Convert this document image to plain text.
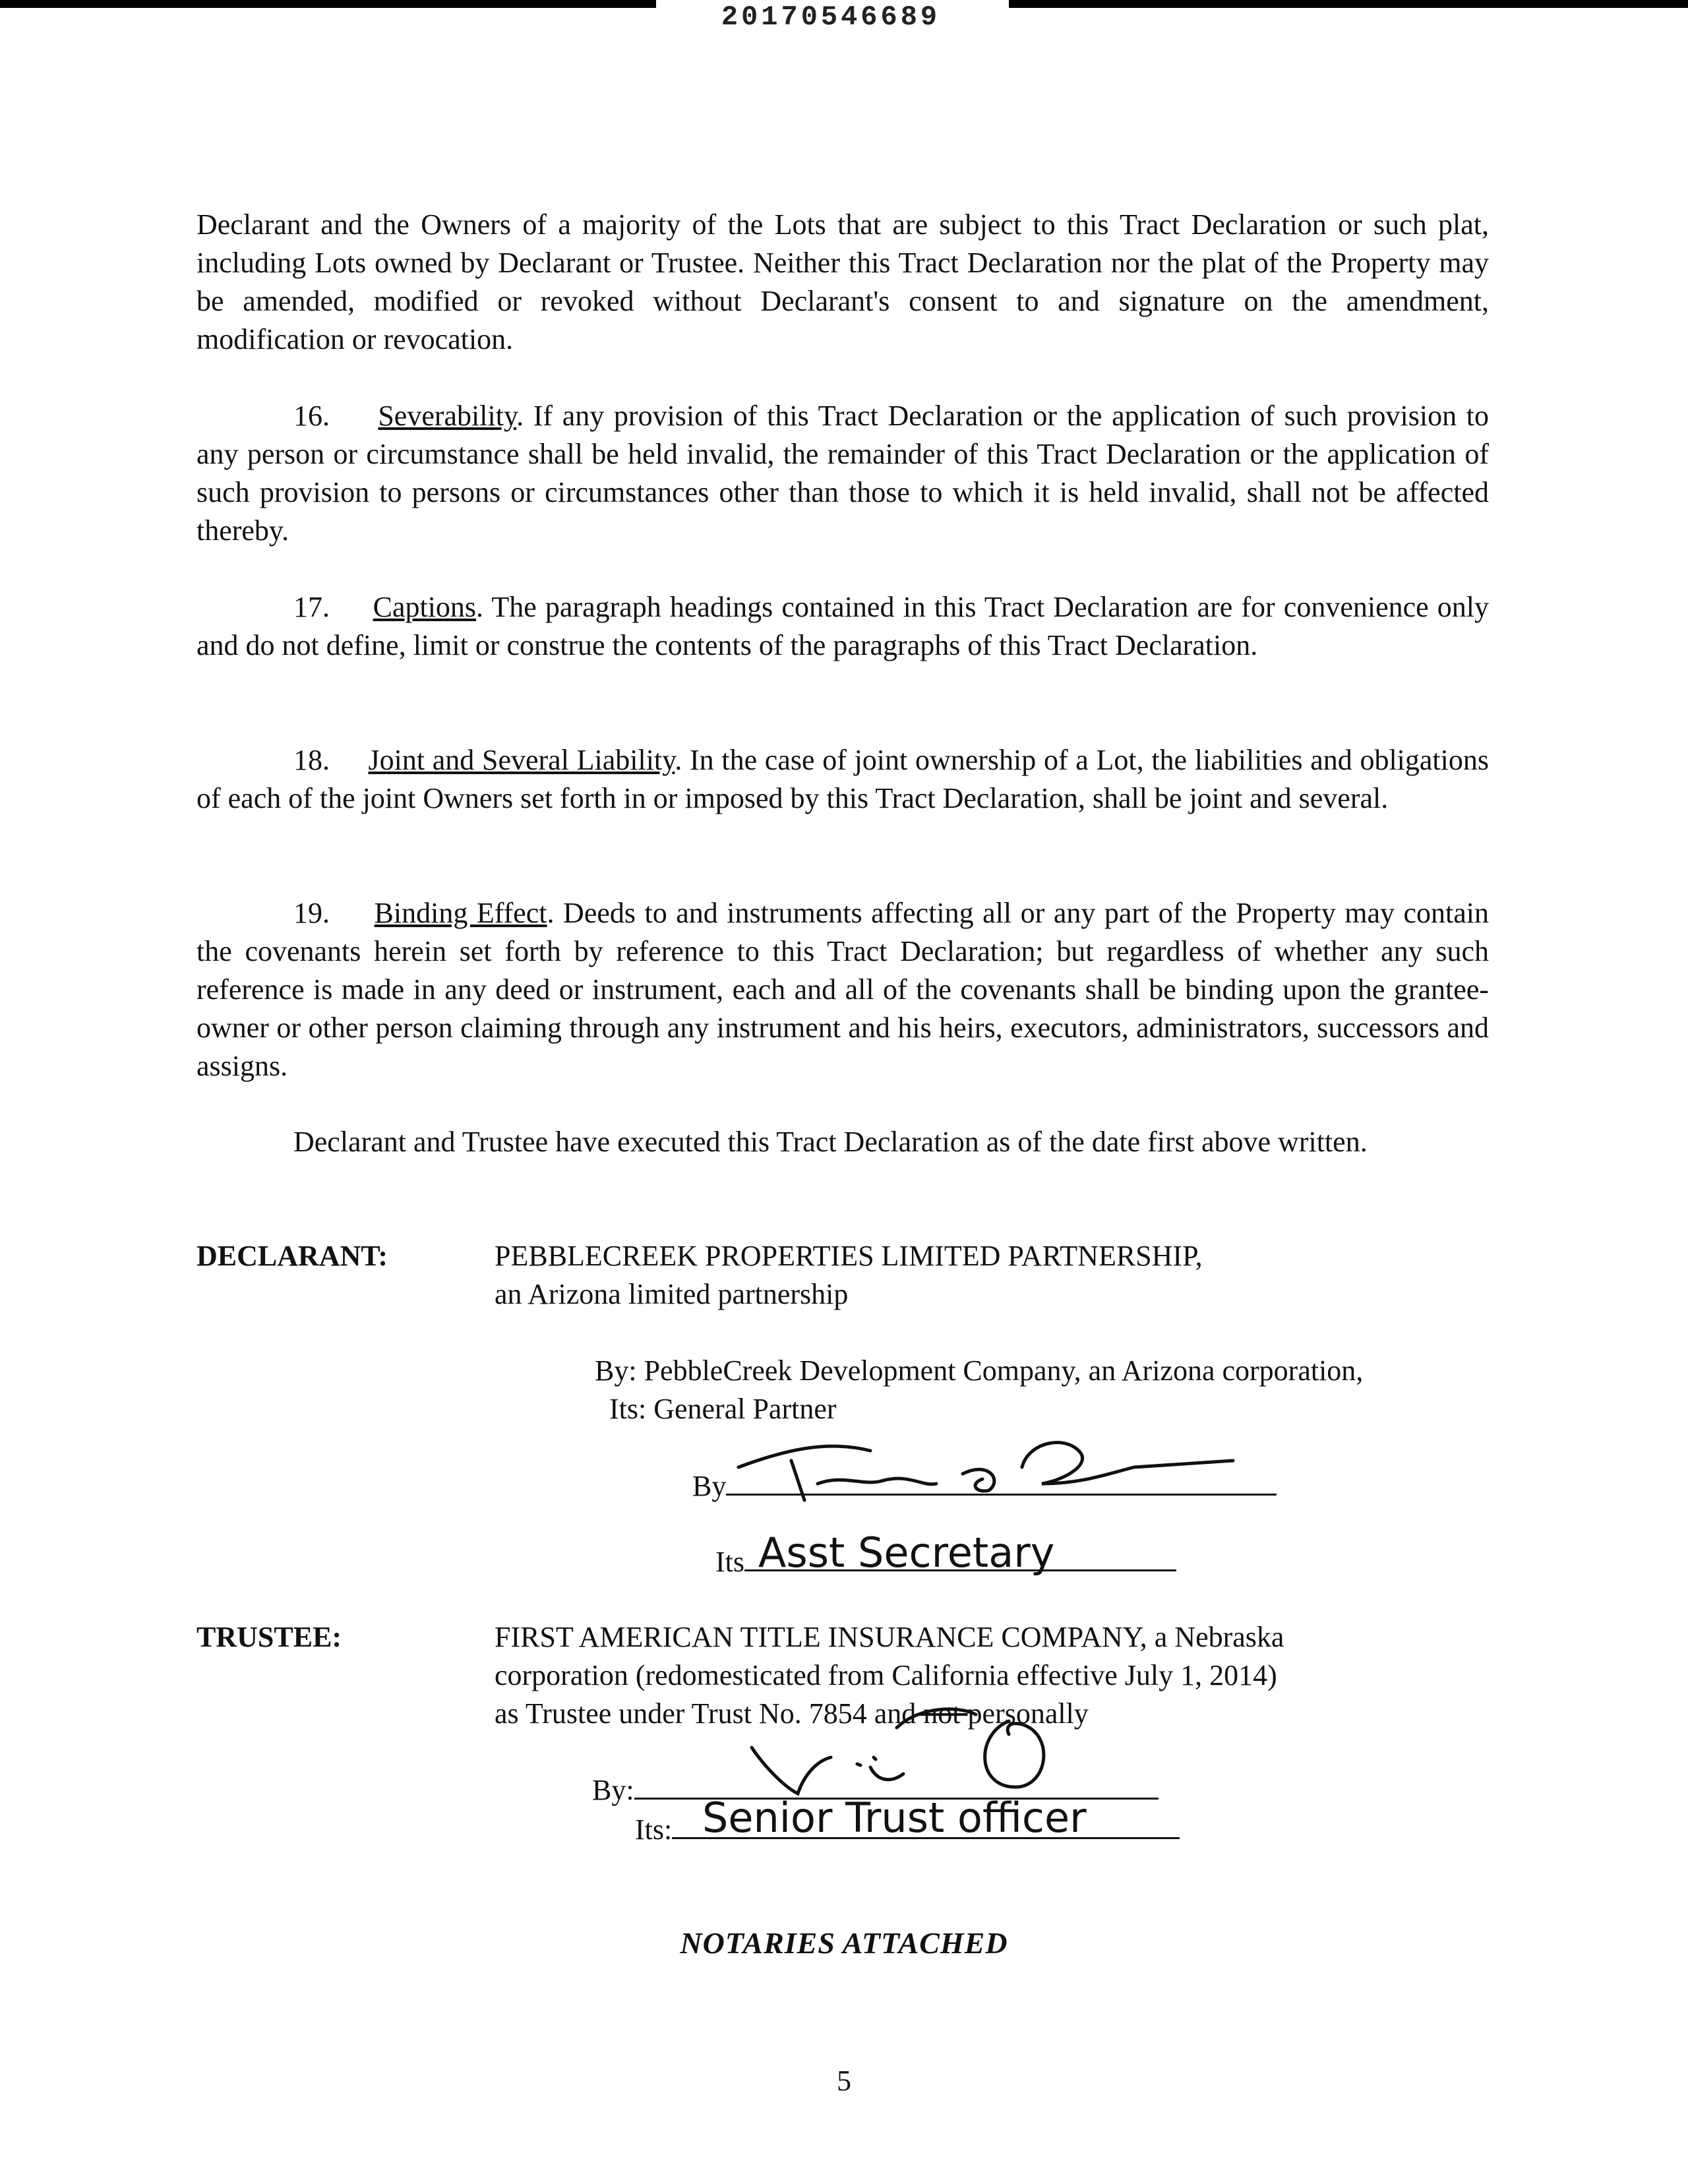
20170546689

Declarant and the Owners of a majority of the Lots that are subject to this Tract Declaration or such plat, including Lots owned by Declarant or Trustee. Neither this Tract Declaration nor the plat of the Property may be amended, modified or revoked without Declarant's consent to and signature on the amendment, modification or revocation.

16. Severability. If any provision of this Tract Declaration or the application of such provision to any person or circumstance shall be held invalid, the remainder of this Tract Declaration or the application of such provision to persons or circumstances other than those to which it is held invalid, shall not be affected thereby.

17. Captions. The paragraph headings contained in this Tract Declaration are for convenience only and do not define, limit or construe the contents of the paragraphs of this Tract Declaration.

18. Joint and Several Liability. In the case of joint ownership of a Lot, the liabilities and obligations of each of the joint Owners set forth in or imposed by this Tract Declaration, shall be joint and several.

19. Binding Effect. Deeds to and instruments affecting all or any part of the Property may contain the covenants herein set forth by reference to this Tract Declaration; but regardless of whether any such reference is made in any deed or instrument, each and all of the covenants shall be binding upon the grantee-owner or other person claiming through any instrument and his heirs, executors, administrators, successors and assigns.

Declarant and Trustee have executed this Tract Declaration as of the date first above written.

DECLARANT:	PEBBLECREEK PROPERTIES LIMITED PARTNERSHIP,
an Arizona limited partnership
By: PebbleCreek Development Company, an Arizona corporation,
Its: General Partner
By
Its Asst Secretary
TRUSTEE:	FIRST AMERICAN TITLE INSURANCE COMPANY, a Nebraska
corporation (redomesticated from California effective July 1, 2014)
as Trustee under Trust No. 7854 and not personally
By:
Its: Senior Trust officer
NOTARIES ATTACHED
5
